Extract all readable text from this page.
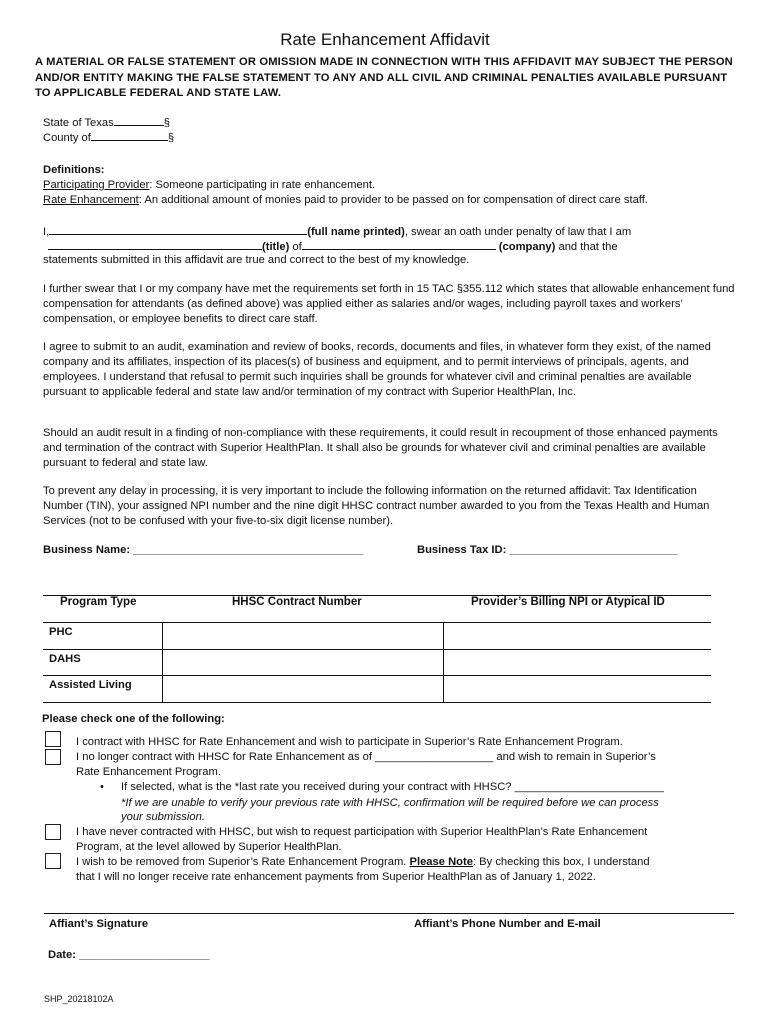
Rate Enhancement Affidavit
A MATERIAL OR FALSE STATEMENT OR OMISSION MADE IN CONNECTION WITH THIS AFFIDAVIT MAY SUBJECT THE PERSON AND/OR ENTITY MAKING THE FALSE STATEMENT TO ANY AND ALL CIVIL AND CRIMINAL PENALTIES AVAILABLE PURSUANT TO APPLICABLE FEDERAL AND STATE LAW.
State of Texas	§
County of	§
Definitions:
Participating Provider: Someone participating in rate enhancement.
Rate Enhancement: An additional amount of monies paid to provider to be passed on for compensation of direct care staff.
I,	(full name printed), swear an oath under penalty of law that I am
(title) of	(company) and that the
statements submitted in this affidavit are true and correct to the best of my knowledge.
I further swear that I or my company have met the requirements set forth in 15 TAC §355.112 which states that allowable enhancement fund compensation for attendants (as defined above) was applied either as salaries and/or wages, including payroll taxes and workers’ compensation, or employee benefits to direct care staff.
I agree to submit to an audit, examination and review of books, records, documents and files, in whatever form they exist, of the named company and its affiliates, inspection of its places(s) of business and equipment, and to permit interviews of principals, agents, and employees. I understand that refusal to permit such inquiries shall be grounds for whatever civil and criminal penalties are available pursuant to applicable federal and state law and/or termination of my contract with Superior HealthPlan, Inc.
Should an audit result in a finding of non-compliance with these requirements, it could result in recoupment of those enhanced payments and termination of the contract with Superior HealthPlan. It shall also be grounds for whatever civil and criminal penalties are available pursuant to federal and state law.
To prevent any delay in processing, it is very important to include the following information on the returned affidavit: Tax Identification Number (TIN), your assigned NPI number and the nine digit HHSC contract number awarded to you from the Texas Health and Human Services (not to be confused with your five-to-six digit license number).
Business Name: _____________________________________	Business Tax ID: ___________________________
Program Type	HHSC Contract Number	Provider’s Billing NPI or Atypical ID

PHC
DAHS
Assisted Living
Please check one of the following:
I contract with HHSC for Rate Enhancement and wish to participate in Superior’s Rate Enhancement Program.
I no longer contract with HHSC for Rate Enhancement as of ___________________ and wish to remain in Superior’s
Rate Enhancement Program.
• If selected, what is the *last rate you received during your contract with HHSC? ________________________
*If we are unable to verify your previous rate with HHSC, confirmation will be required before we can process
your submission.
I have never contracted with HHSC, but wish to request participation with Superior HealthPlan’s Rate Enhancement
Program, at the level allowed by Superior HealthPlan.
I wish to be removed from Superior’s Rate Enhancement Program. Please Note: By checking this box, I understand
that I will no longer receive rate enhancement payments from Superior HealthPlan as of January 1, 2022.
Affiant’s Signature	Affiant’s Phone Number and E-mail
Date: _____________________
SHP_20218102A
